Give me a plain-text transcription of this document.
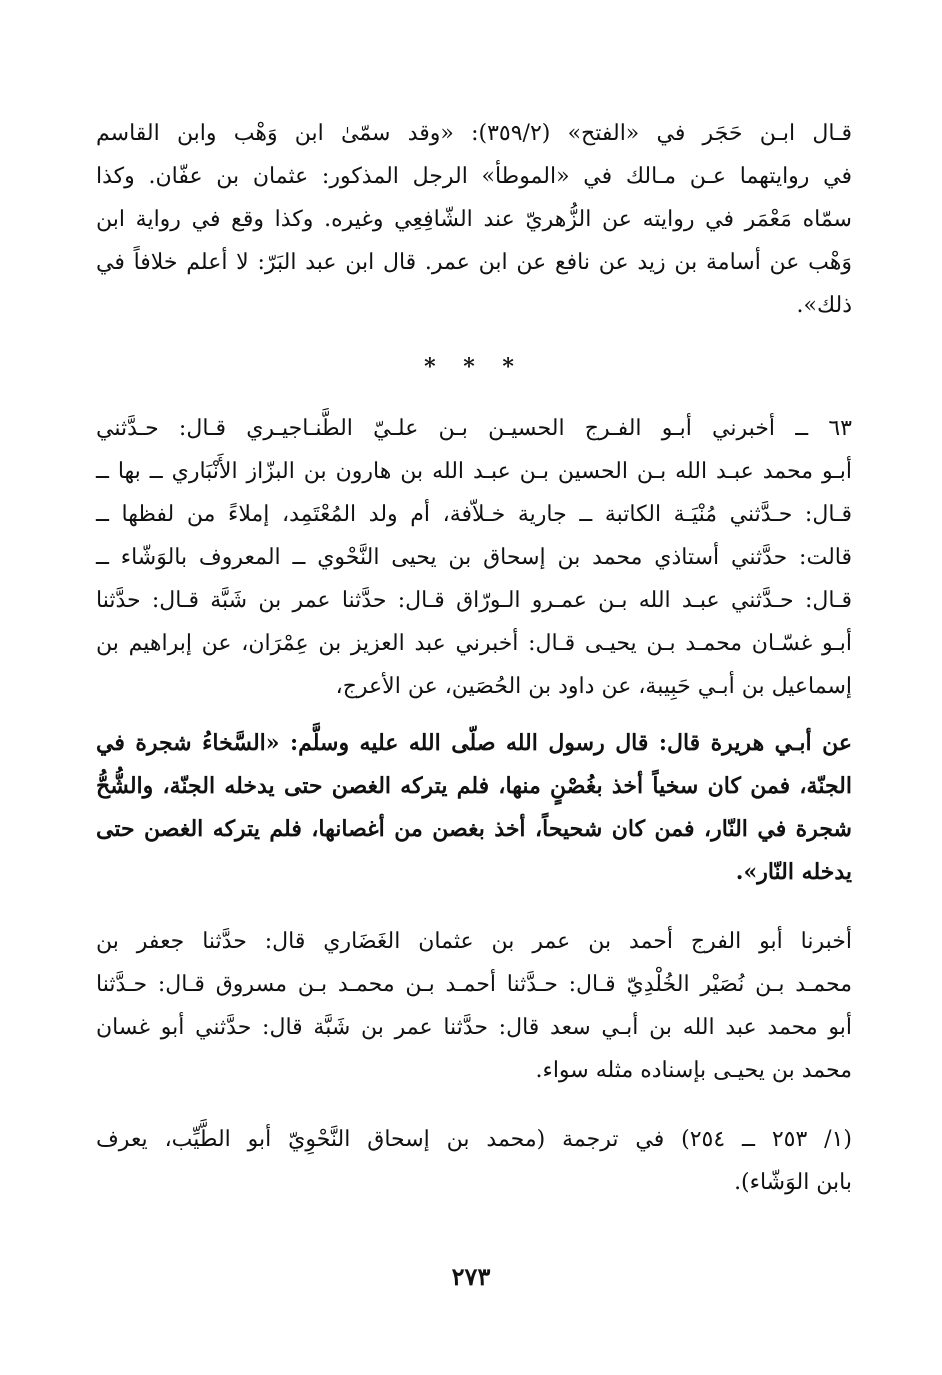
قـال ابـن حَجَر في «الفتح» (٣٥٩/٢): «وقد سمّىٰ ابن وَهْب وابن القاسم
في روايتهما عـن مـالك في «الموطأ» الرجل المذكور: عثمان بن عفّان. وكذا
سمّاه مَعْمَر في روايته عن الزُّهريّ عند الشّافِعِي وغيره. وكذا وقع في رواية ابن
وَهْب عن أسامة بن زيد عن نافع عن ابن عمر. قال ابن عبد البَرّ: لا أعلم خلافاً في
ذلك».
* * *
٦٣ ــ أخبرني أبـو الفـرج الحسيـن بـن علـيّ الطَّنـاجيـري قـال: حـدَّثني
أبـو محمد عبـد الله بـن الحسين بـن عبـد الله بن هارون بن البزّاز الأَنْبَاري ــ بها ــ
قـال: حـدَّثني مُنْيَـة الكاتبة ــ جارية خـلاّفة، أم ولد المُعْتَمِد، إملاءً من لفظها ــ
قالت: حدَّثني أستاذي محمد بن إسحاق بن يحيى النَّحْوي ــ المعروف بالوَشّاء ــ
قـال: حـدَّثني عبـد الله بـن عمـرو الـورّاق قـال: حدَّثنا عمر بن شَبَّة قـال: حدَّثنا
أبـو غسّـان محمـد بـن يحيـى قـال: أخبرني عبد العزيز بن عِمْرَان، عن إبراهيم بن
إسماعيل بن أبـي حَبِيبة، عن داود بن الحُصَين، عن الأعرج،
عن أبـي هريرة قال: قال رسول الله صلّى الله عليه وسلَّم: «السَّخاءُ شجرة في
الجنّة، فمن كان سخياً أخذ بغُصْنٍ منها، فلم يتركه الغصن حتى يدخله الجنّة، والشُّحُّ
شجرة في النّار، فمن كان شحيحاً، أخذ بغصن من أغصانها، فلم يتركه الغصن حتى
يدخله النّار».
أخبرنا أبو الفرج أحمد بن عمر بن عثمان الغَضَاري قال: حدَّثنا جعفر بن
محمـد بـن نُصَيْر الخُلْدِيّ قـال: حـدَّثنا أحمـد بـن محمـد بـن مسروق قـال: حـدَّثنا
أبو محمد عبد الله بن أبـي سعد قال: حدَّثنا عمر بن شَبَّة قال: حدَّثني أبو غسان
محمد بن يحيـى بإسناده مثله سواء.
(١/ ٢٥٣ ــ ٢٥٤) في ترجمة (محمد بن إسحاق النَّحْوِيّ أبو الطَّيِّب، يعرف
بابن الوَشّاء).
٢٧٣
